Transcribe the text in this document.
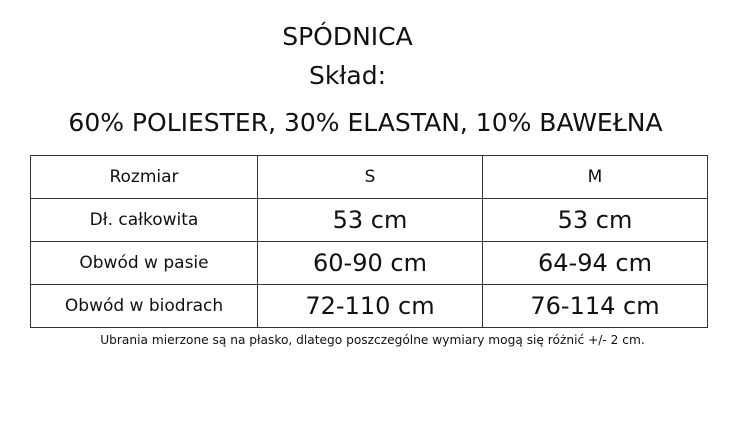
SPÓDNICA
Skład:
60% POLIESTER, 30% ELASTAN, 10% BAWEŁNA
Rozmiar	S	M
Dł. całkowita	53 cm	53 cm
Obwód w pasie	60-90 cm	64-94 cm
Obwód w biodrach	72-110 cm	76-114 cm
Ubrania mierzone są na płasko, dlatego poszczególne wymiary mogą się różnić +/- 2 cm.
